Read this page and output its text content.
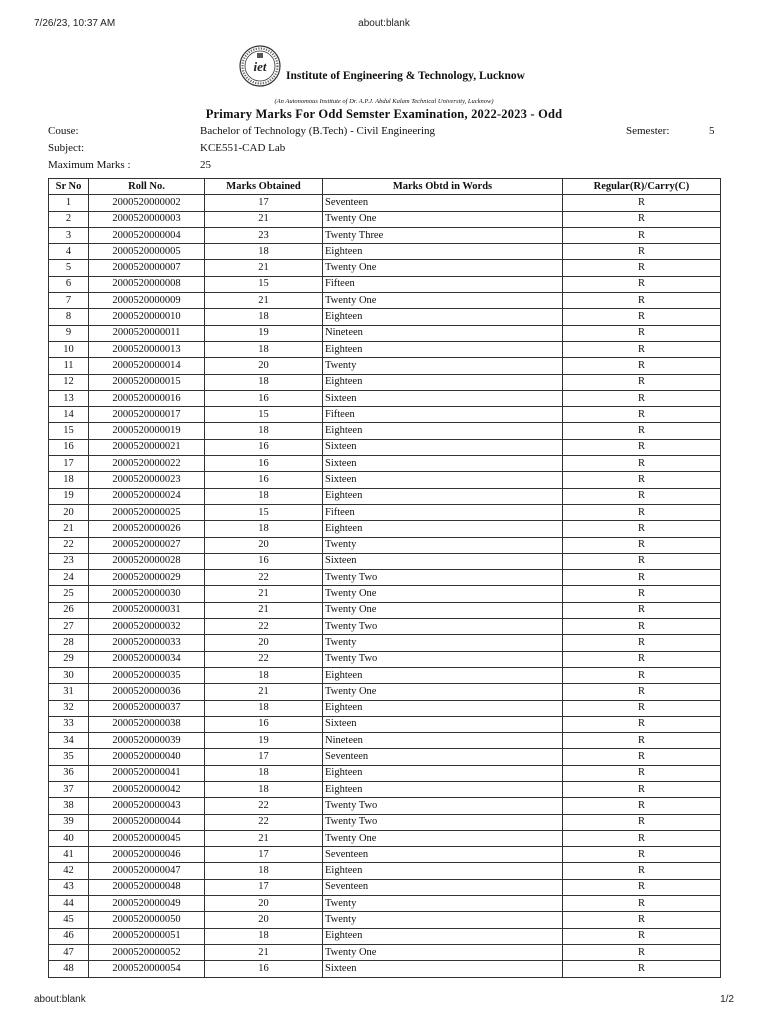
7/26/23, 10:37 AM	about:blank
iet
Institute of Engineering & Technology, Lucknow
(An Autonomous Institute of Dr. A.P.J. Abdul Kalam Technical University, Lucknow)
Primary Marks For Odd Semster Examination, 2022-2023 - Odd
Couse:	Bachelor of Technology (B.Tech) - Civil Engineering	Semester:	5
Subject:	KCE551-CAD Lab
Maximum Marks :	25
Sr No	Roll No.	Marks Obtained	Marks Obtd in Words	Regular(R)/Carry(C)
1	2000520000002	17	Seventeen	R
2	2000520000003	21	Twenty One	R
3	2000520000004	23	Twenty Three	R
4	2000520000005	18	Eighteen	R
5	2000520000007	21	Twenty One	R
6	2000520000008	15	Fifteen	R
7	2000520000009	21	Twenty One	R
8	2000520000010	18	Eighteen	R
9	2000520000011	19	Nineteen	R
10	2000520000013	18	Eighteen	R
11	2000520000014	20	Twenty	R
12	2000520000015	18	Eighteen	R
13	2000520000016	16	Sixteen	R
14	2000520000017	15	Fifteen	R
15	2000520000019	18	Eighteen	R
16	2000520000021	16	Sixteen	R
17	2000520000022	16	Sixteen	R
18	2000520000023	16	Sixteen	R
19	2000520000024	18	Eighteen	R
20	2000520000025	15	Fifteen	R
21	2000520000026	18	Eighteen	R
22	2000520000027	20	Twenty	R
23	2000520000028	16	Sixteen	R
24	2000520000029	22	Twenty Two	R
25	2000520000030	21	Twenty One	R
26	2000520000031	21	Twenty One	R
27	2000520000032	22	Twenty Two	R
28	2000520000033	20	Twenty	R
29	2000520000034	22	Twenty Two	R
30	2000520000035	18	Eighteen	R
31	2000520000036	21	Twenty One	R
32	2000520000037	18	Eighteen	R
33	2000520000038	16	Sixteen	R
34	2000520000039	19	Nineteen	R
35	2000520000040	17	Seventeen	R
36	2000520000041	18	Eighteen	R
37	2000520000042	18	Eighteen	R
38	2000520000043	22	Twenty Two	R
39	2000520000044	22	Twenty Two	R
40	2000520000045	21	Twenty One	R
41	2000520000046	17	Seventeen	R
42	2000520000047	18	Eighteen	R
43	2000520000048	17	Seventeen	R
44	2000520000049	20	Twenty	R
45	2000520000050	20	Twenty	R
46	2000520000051	18	Eighteen	R
47	2000520000052	21	Twenty One	R
48	2000520000054	16	Sixteen	R
about:blank	1/2
